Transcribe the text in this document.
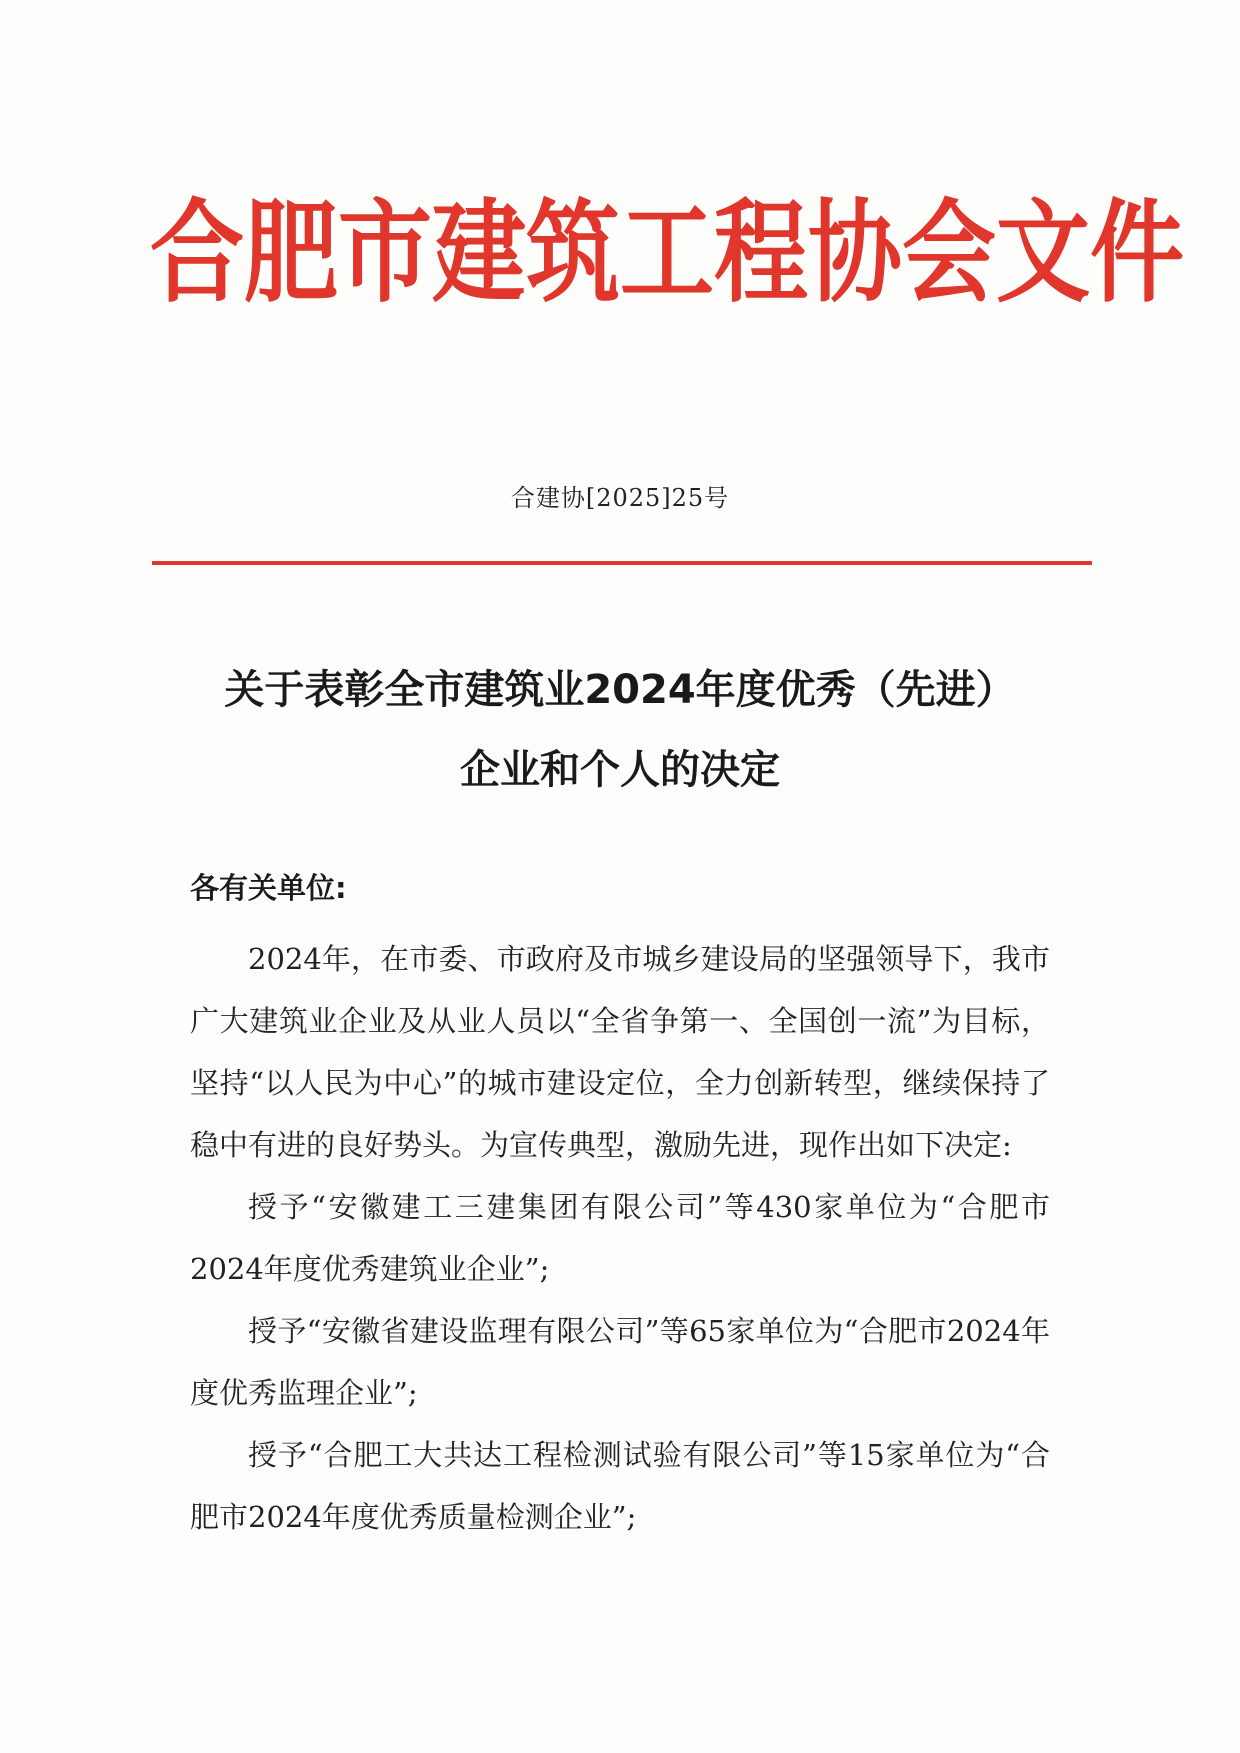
合肥市建筑工程协会文件
合建协[2025]25号
关于表彰全市建筑业2024年度优秀（先进）
企业和个人的决定
各有关单位:

2024年，在市委、市政府及市城乡建设局的坚强领导下，我市广大建筑业企业及从业人员以“全省争第一、全国创一流”为目标，坚持“以人民为中心”的城市建设定位，全力创新转型，继续保持了稳中有进的良好势头。为宣传典型，激励先进，现作出如下决定:

授予“安徽建工三建集团有限公司”等430家单位为“合肥市2024年度优秀建筑业企业”;

授予“安徽省建设监理有限公司”等65家单位为“合肥市2024年度优秀监理企业”;

授予“合肥工大共达工程检测试验有限公司”等15家单位为“合肥市2024年度优秀质量检测企业”;
